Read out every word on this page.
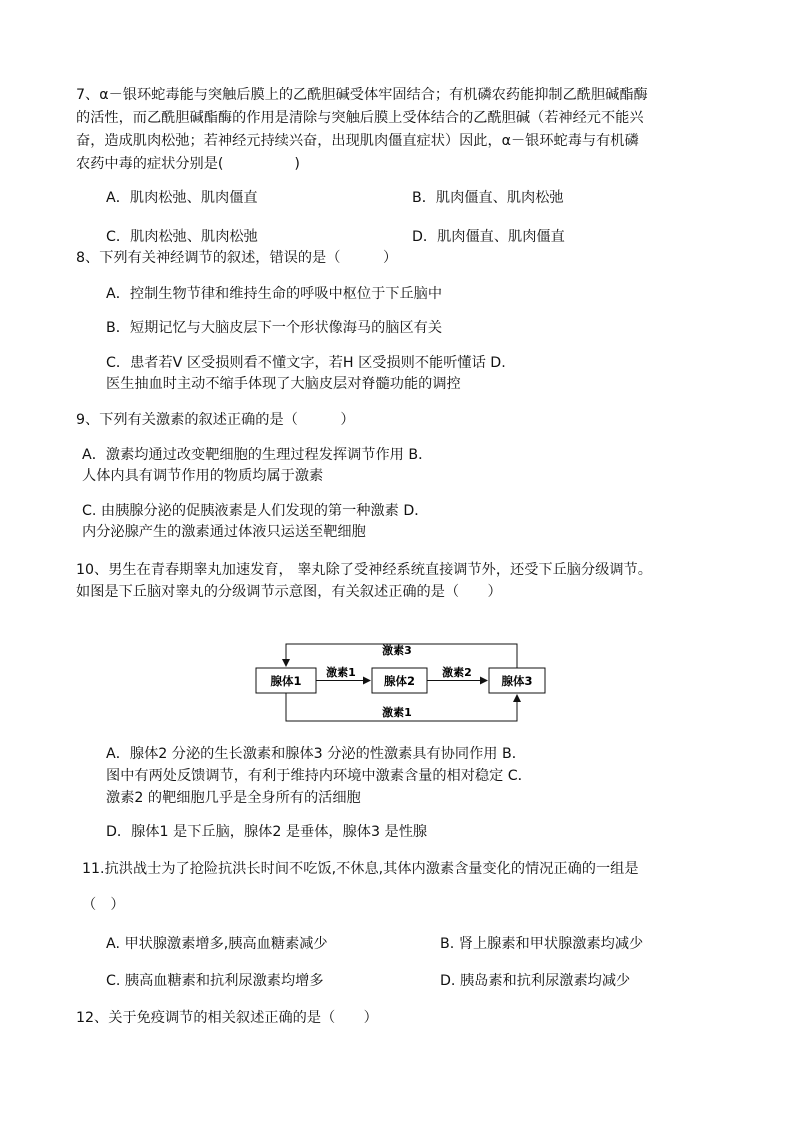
7、α－银环蛇毒能与突触后膜上的乙酰胆碱受体牢固结合；有机磷农药能抑制乙酰胆碱酯酶
的活性，而乙酰胆碱酯酶的作用是清除与突触后膜上受体结合的乙酰胆碱（若神经元不能兴
奋，造成肌肉松弛；若神经元持续兴奋，出现肌肉僵直症状）因此，α－银环蛇毒与有机磷
农药中毒的症状分别是(　　　　　)
A．肌肉松弛、肌肉僵直	B．肌肉僵直、肌肉松弛
C．肌肉松弛、肌肉松弛	D．肌肉僵直、肌肉僵直
8、下列有关神经调节的叙述，错误的是（　　　）
A．控制生物节律和维持生命的呼吸中枢位于下丘脑中
B．短期记忆与大脑皮层下一个形状像海马的脑区有关
C．患者若V 区受损则看不懂文字，若H 区受损则不能听懂话 D.
医生抽血时主动不缩手体现了大脑皮层对脊髓功能的调控
9、下列有关激素的叙述正确的是（　　　）
A．激素均通过改变靶细胞的生理过程发挥调节作用 B．
人体内具有调节作用的物质均属于激素
C. 由胰腺分泌的促胰液素是人们发现的第一种激素 D．
内分泌腺产生的激素通过体液只运送至靶细胞
10、男生在青春期睾丸加速发育， 睾丸除了受神经系统直接调节外，还受下丘脑分级调节。
如图是下丘脑对睾丸的分级调节示意图，有关叙述正确的是（　　）
腺体1	腺体2	腺体3
激素1	激素2
激素3
激素1
A．腺体2 分泌的生长激素和腺体3 分泌的性激素具有协同作用 B．
图中有两处反馈调节，有利于维持内环境中激素含量的相对稳定 C．
激素2 的靶细胞几乎是全身所有的活细胞
D．腺体1 是下丘脑，腺体2 是垂体，腺体3 是性腺
11.抗洪战士为了抢险抗洪长时间不吃饭,不休息,其体内激素含量变化的情况正确的一组是
（　）
A. 甲状腺激素增多,胰高血糖素减少	B. 肾上腺素和甲状腺激素均减少
C. 胰高血糖素和抗利尿激素均增多	D. 胰岛素和抗利尿激素均减少
12、关于免疫调节的相关叙述正确的是（　　）
